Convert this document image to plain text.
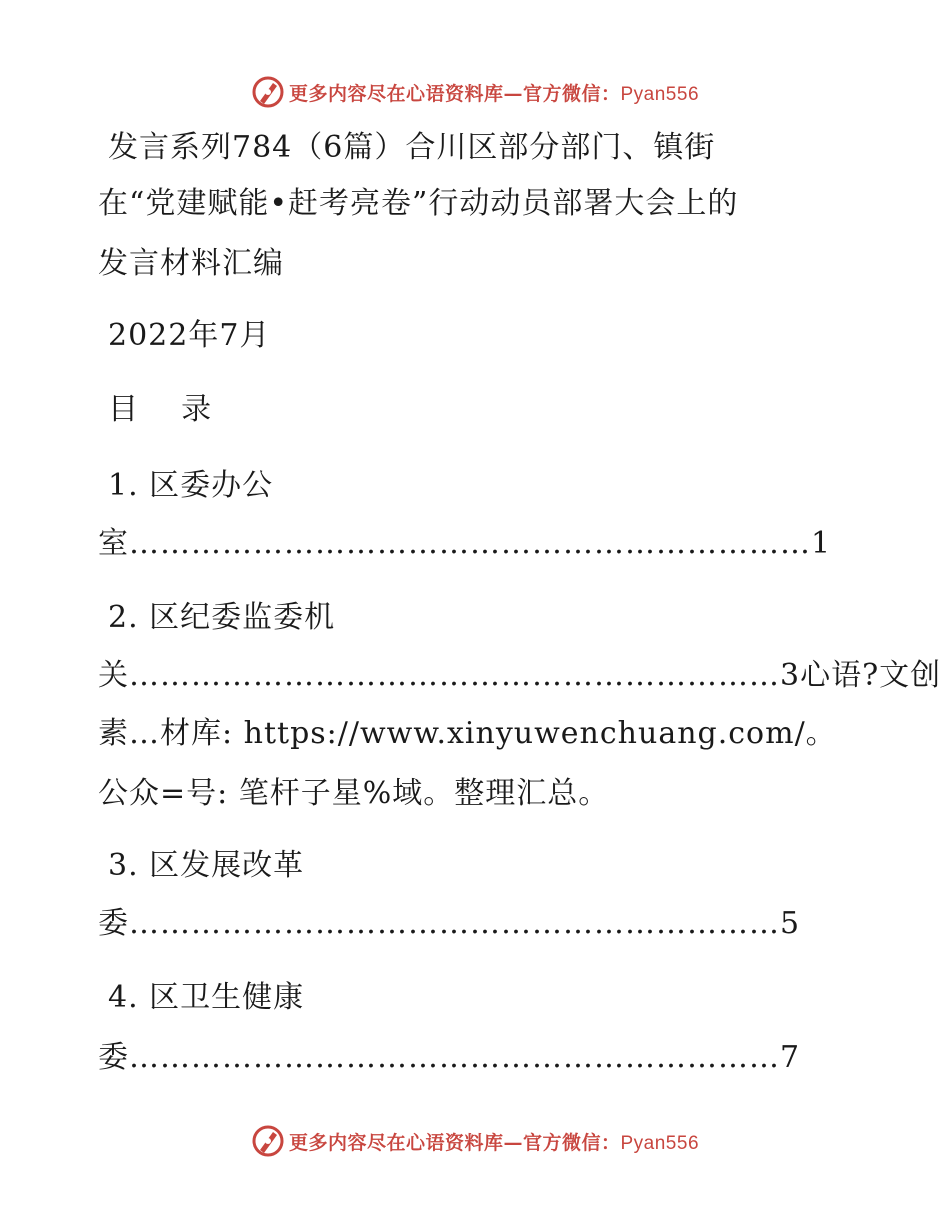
更多内容尽在心语资料库—官方微信：Pyan556
发言系列784（6篇）合川区部分部门、镇街
在“党建赋能•赶考亮卷”行动动员部署大会上的
发言材料汇编
2022年7月
目    录
1. 区委办公
室…………………………………………………………1
2. 区纪委监委机
关………………………………………………………3心语?文创
素…材库: https://www.xinyuwenchuang.com/。
公众=号: 笔杆子星%域。整理汇总。
3. 区发展改革
委………………………………………………………5
4. 区卫生健康
委………………………………………………………7
更多内容尽在心语资料库—官方微信：Pyan556
